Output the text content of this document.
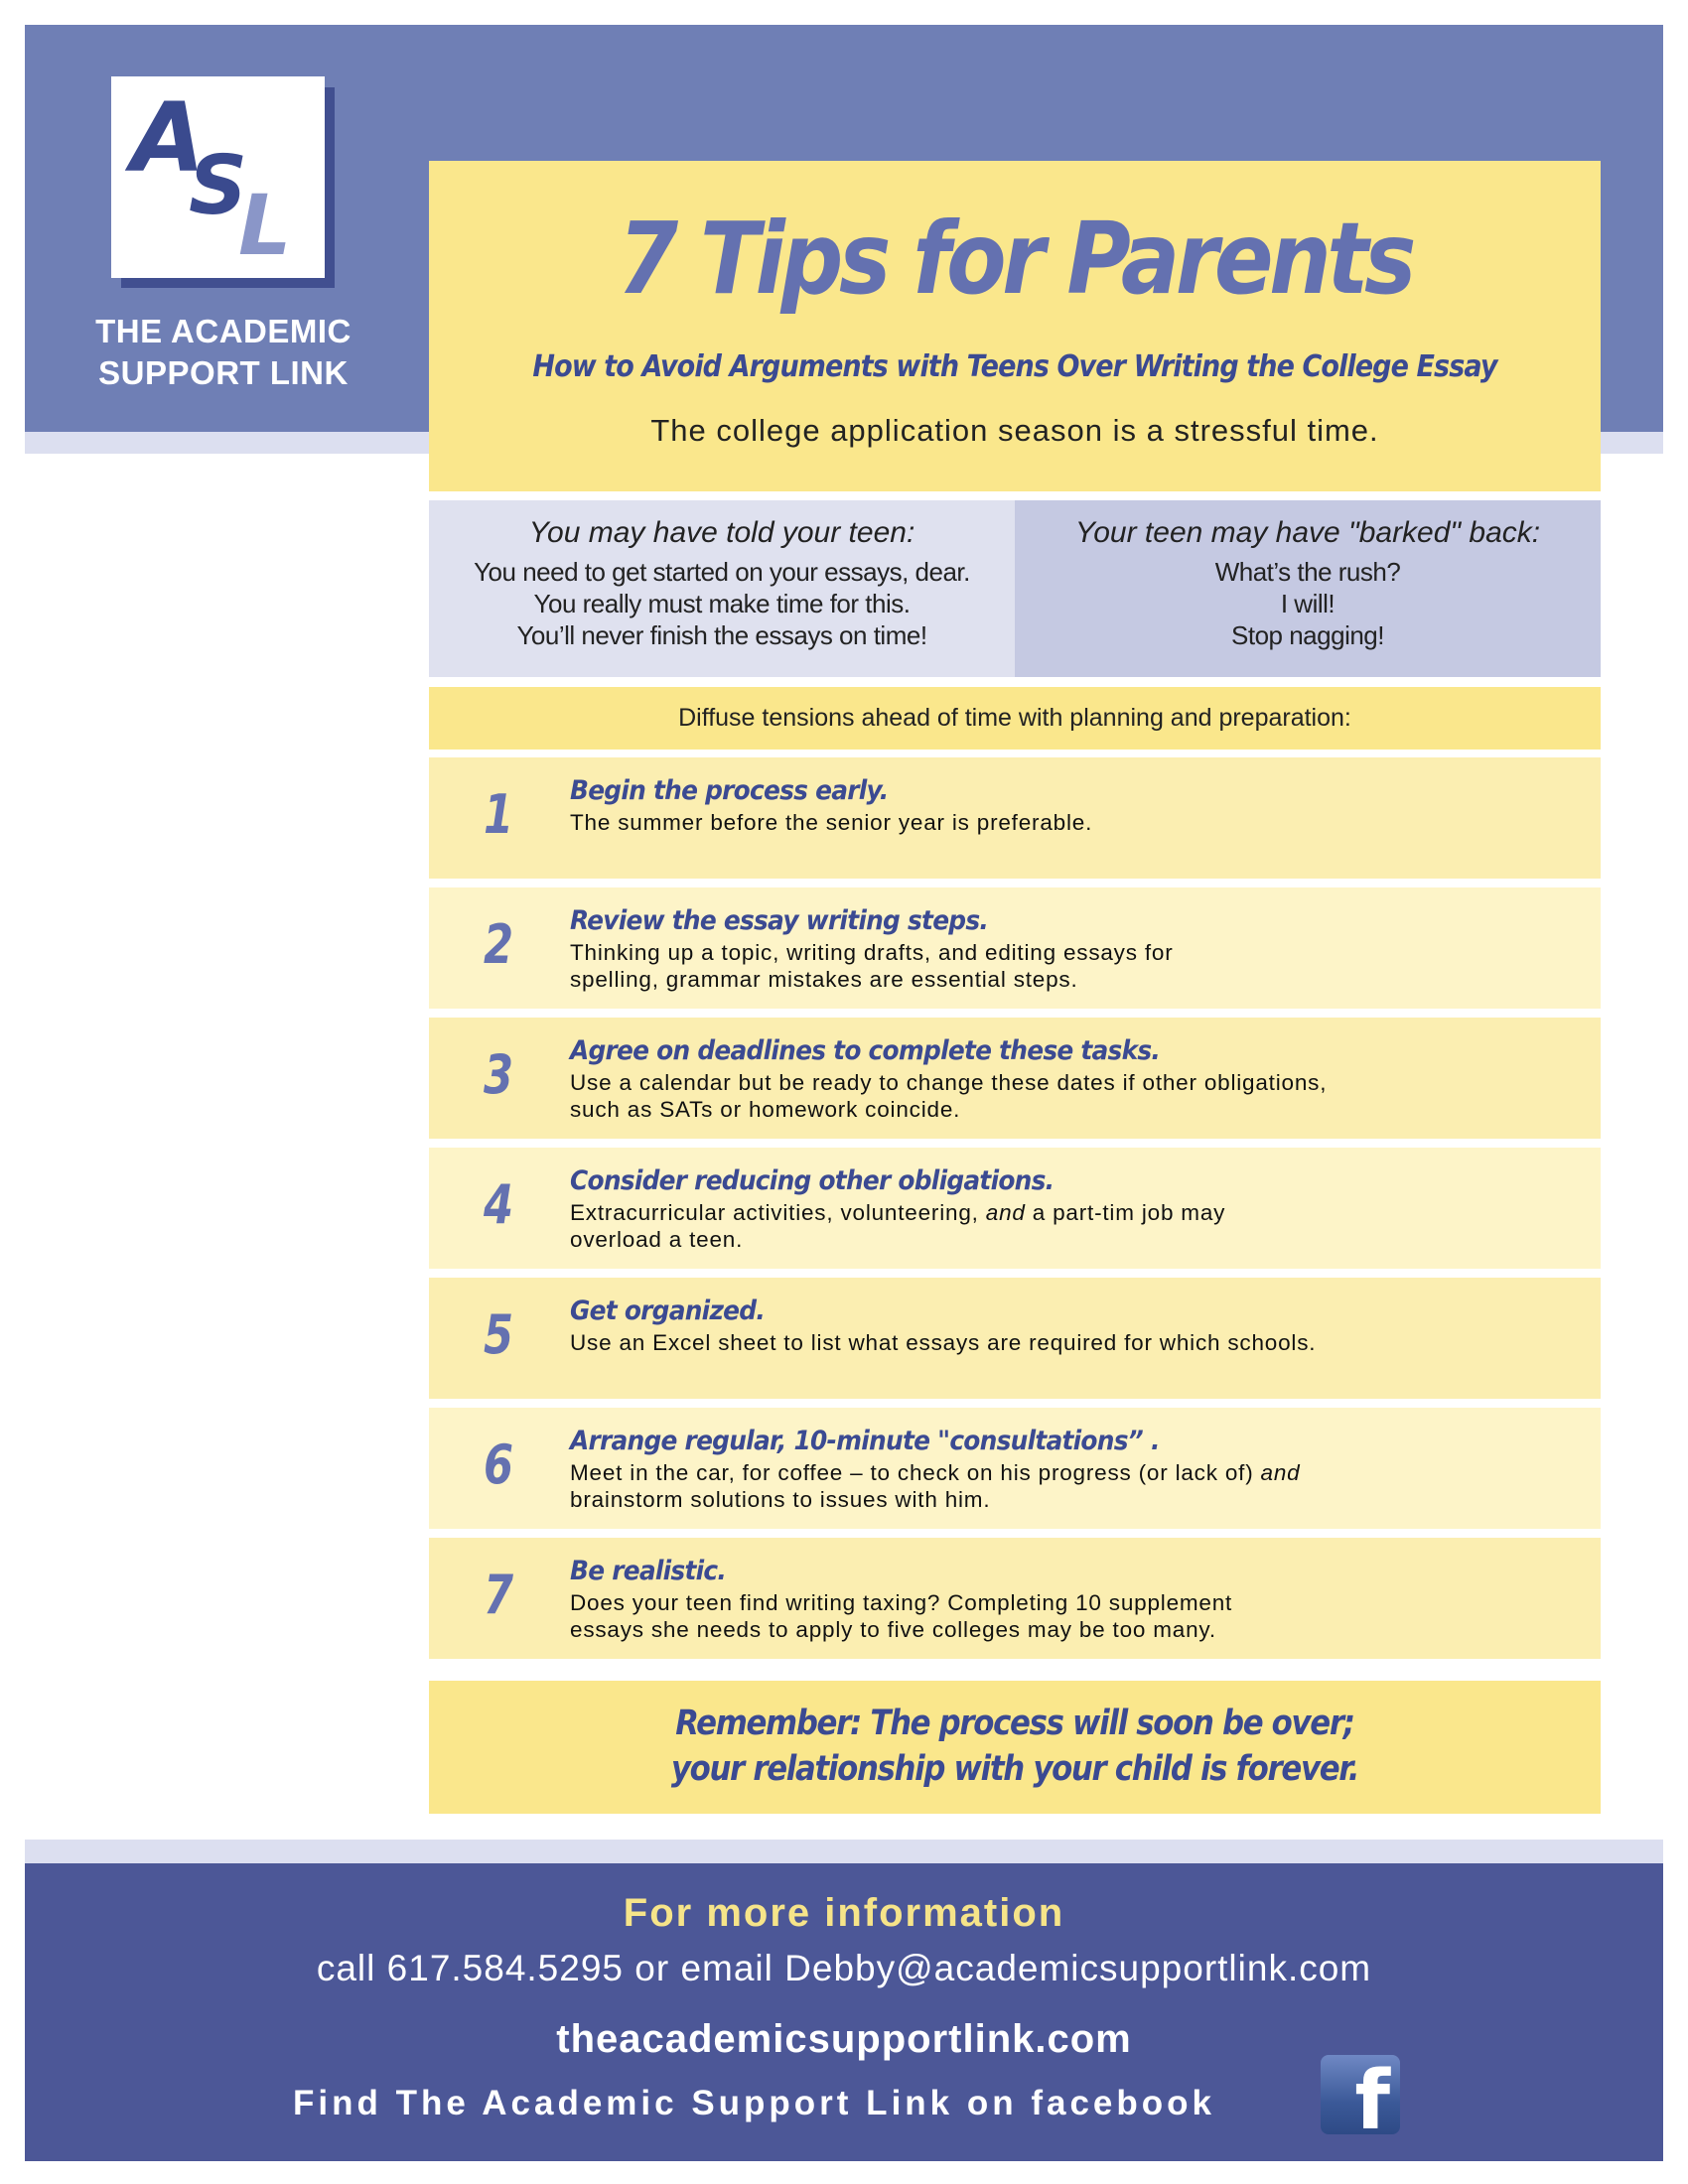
A
S
L
THE ACADEMIC
SUPPORT LINK
7 Tips for Parents
How to Avoid Arguments with Teens Over Writing the College Essay
The college application season is a stressful time.
You may have told your teen:
You need to get started on your essays, dear.
You really must make time for this.
You’ll never finish the essays on time!
Your teen may have "barked" back:
What’s the rush?
I will!
Stop nagging!
Diffuse tensions ahead of time with planning and preparation:
1 Begin the process early.
The summer before the senior year is preferable.
2 Review the essay writing steps.
Thinking up a topic, writing drafts, and editing essays for
spelling, grammar mistakes are essential steps.
3 Agree on deadlines to complete these tasks.
Use a calendar but be ready to change these dates if other obligations,
such as SATs or homework coincide.
4 Consider reducing other obligations.
Extracurricular activities, volunteering, and a part-tim job may
overload a teen.
5 Get organized.
Use an Excel sheet to list what essays are required for which schools.
6 Arrange regular, 10-minute "consultations” .
Meet in the car, for coffee – to check on his progress (or lack of) and
brainstorm solutions to issues with him.
7 Be realistic.
Does your teen find writing taxing? Completing 10 supplement
essays she needs to apply to five colleges may be too many.
Remember: The process will soon be over;
your relationship with your child is forever.
For more information
call 617.584.5295 or email Debby@academicsupportlink.com
theacademicsupportlink.com
Find The Academic Support Link on facebook f
